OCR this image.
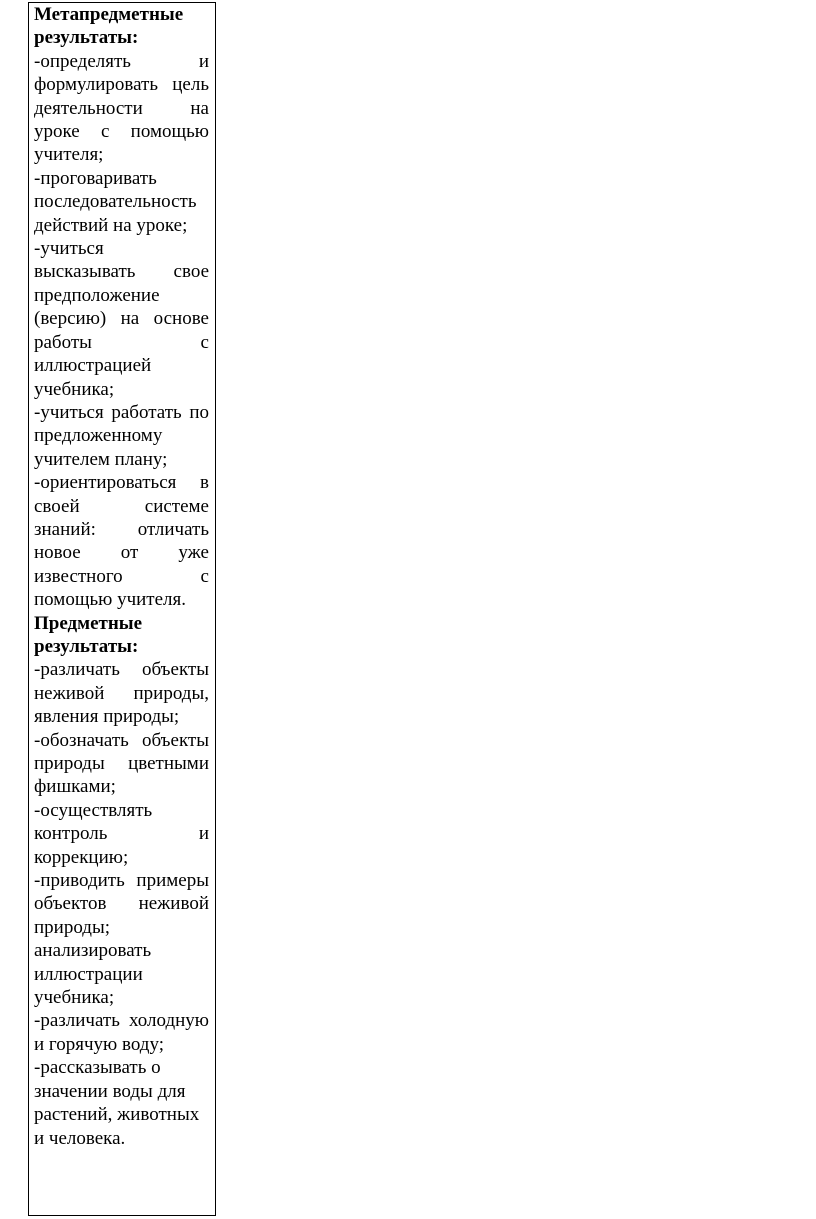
Метапредметные результаты:
-определять и формулировать цель деятельности на уроке с помощью учителя;
-проговаривать последовательность действий на уроке;
-учиться высказывать свое предположение (версию) на основе работы с иллюстрацией учебника;
-учиться работать по предложенному учителем плану;
-ориентироваться в своей системе знаний: отличать новое от уже известного с помощью учителя.
Предметные результаты:
-различать объекты неживой природы, явления природы;
-обозначать объекты природы цветными фишками;
-осуществлять контроль и коррекцию;
-приводить примеры объектов неживой природы;
анализировать иллюстрации учебника;
-различать холодную и горячую воду;
-рассказывать о значении воды для растений, животных и человека.
